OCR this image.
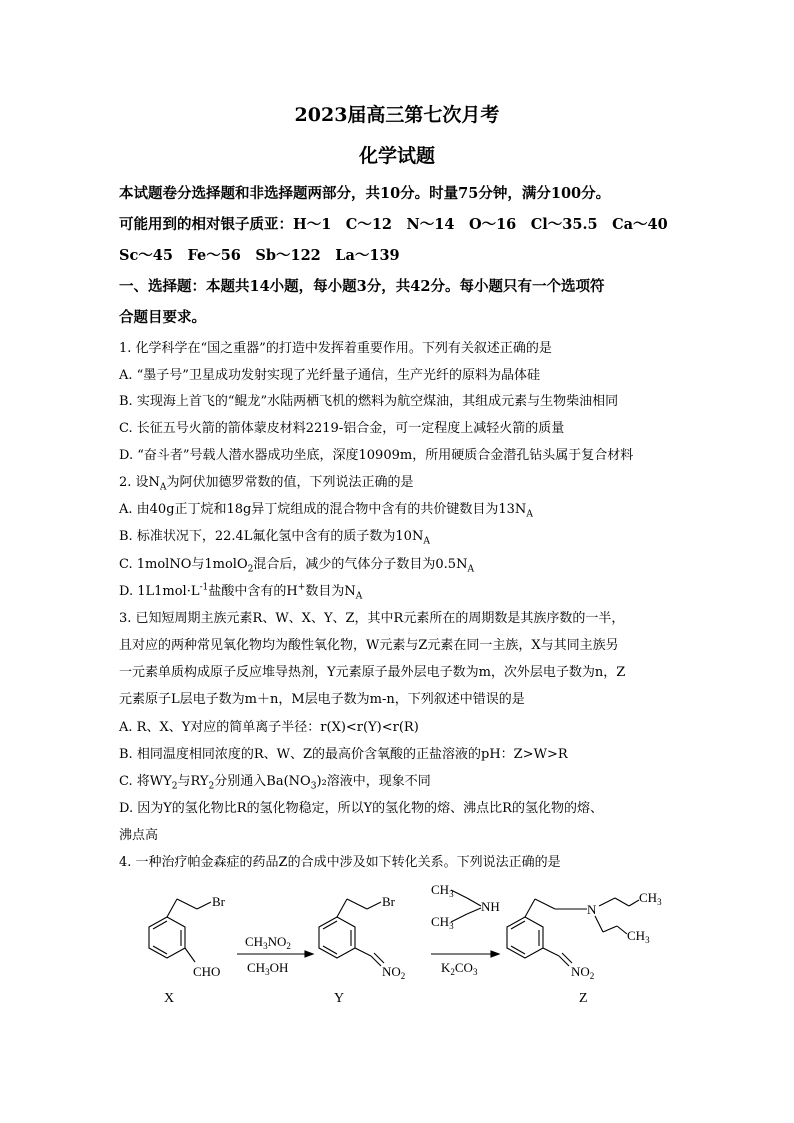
2023届高三第七次月考
化学试题
本试题卷分选择题和非选择题两部分，共10分。时量75分钟，满分100分。
可能用到的相对银子质亚：H～1　C～12　N～14　O～16　Cl～35.5　Ca～40
Sc～45　Fe～56　Sb～122　La～139
一、选择题：本题共14小题，每小题3分，共42分。每小题只有一个选项符
合题目要求。
1. 化学科学在“国之重器”的打造中发挥着重要作用。下列有关叙述正确的是
A. “墨子号”卫星成功发射实现了光纤量子通信，生产光纤的原料为晶体硅
B. 实现海上首飞的“鲲龙”水陆两栖飞机的燃料为航空煤油，其组成元素与生物柴油相同
C. 长征五号火箭的箭体蒙皮材料2219-铝合金，可一定程度上减轻火箭的质量
D. “奋斗者”号载人潜水器成功坐底，深度10909m，所用硬质合金潜孔钻头属于复合材料
2. 设$N_A$为阿伏加德罗常数的值，下列说法正确的是
A. 由40g正丁烷和18g异丁烷组成的混合物中含有的共价键数目为$13N_A$
B. 标准状况下，22.4L氟化氢中含有的质子数为$10N_A$
C. 1molNO与1molO$_2$混合后，减少的气体分子数目为$0.5N_A$
D. $1L1mol\cdot L^{-1}$盐酸中含有的H+数目为$N_A$
3. 已知短周期主族元素R、W、X、Y、Z，其中R元素所在的周期数是其族序数的一半，
且对应的两种常见氧化物均为酸性氧化物，W元素与Z元素在同一主族，X与其同主族另
一元素单质构成原子反应堆导热剂，Y元素原子最外层电子数为m，次外层电子数为n，Z
元素原子L层电子数为m＋n，M层电子数为m-n，下列叙述中错误的是
A. R、X、Y对应的简单离子半径：r(X)<r(Y)<r(R)
B. 相同温度相同浓度的R、W、Z的最高价含氧酸的正盐溶液的pH：Z>W>R
C. 将$WY_2$与$RY_2$分别通入$Ba(NO_3)_2$溶液中，现象不同
D. 因为Y的氢化物比R的氢化物稳定，所以Y的氢化物的熔、沸点比R的氢化物的熔、
沸点高
4. 一种治疗帕金森症的药品Z的合成中涉及如下转化关系。下列说法正确的是
Br
CHO
X
$CH_3NO_2$
$CH_3OH$
Br
$NO_2$
Y
$CH_3$
NH
$CH_3$
$K_2CO_3$
N
$CH_3$
$CH_3$
$NO_2$
Z
